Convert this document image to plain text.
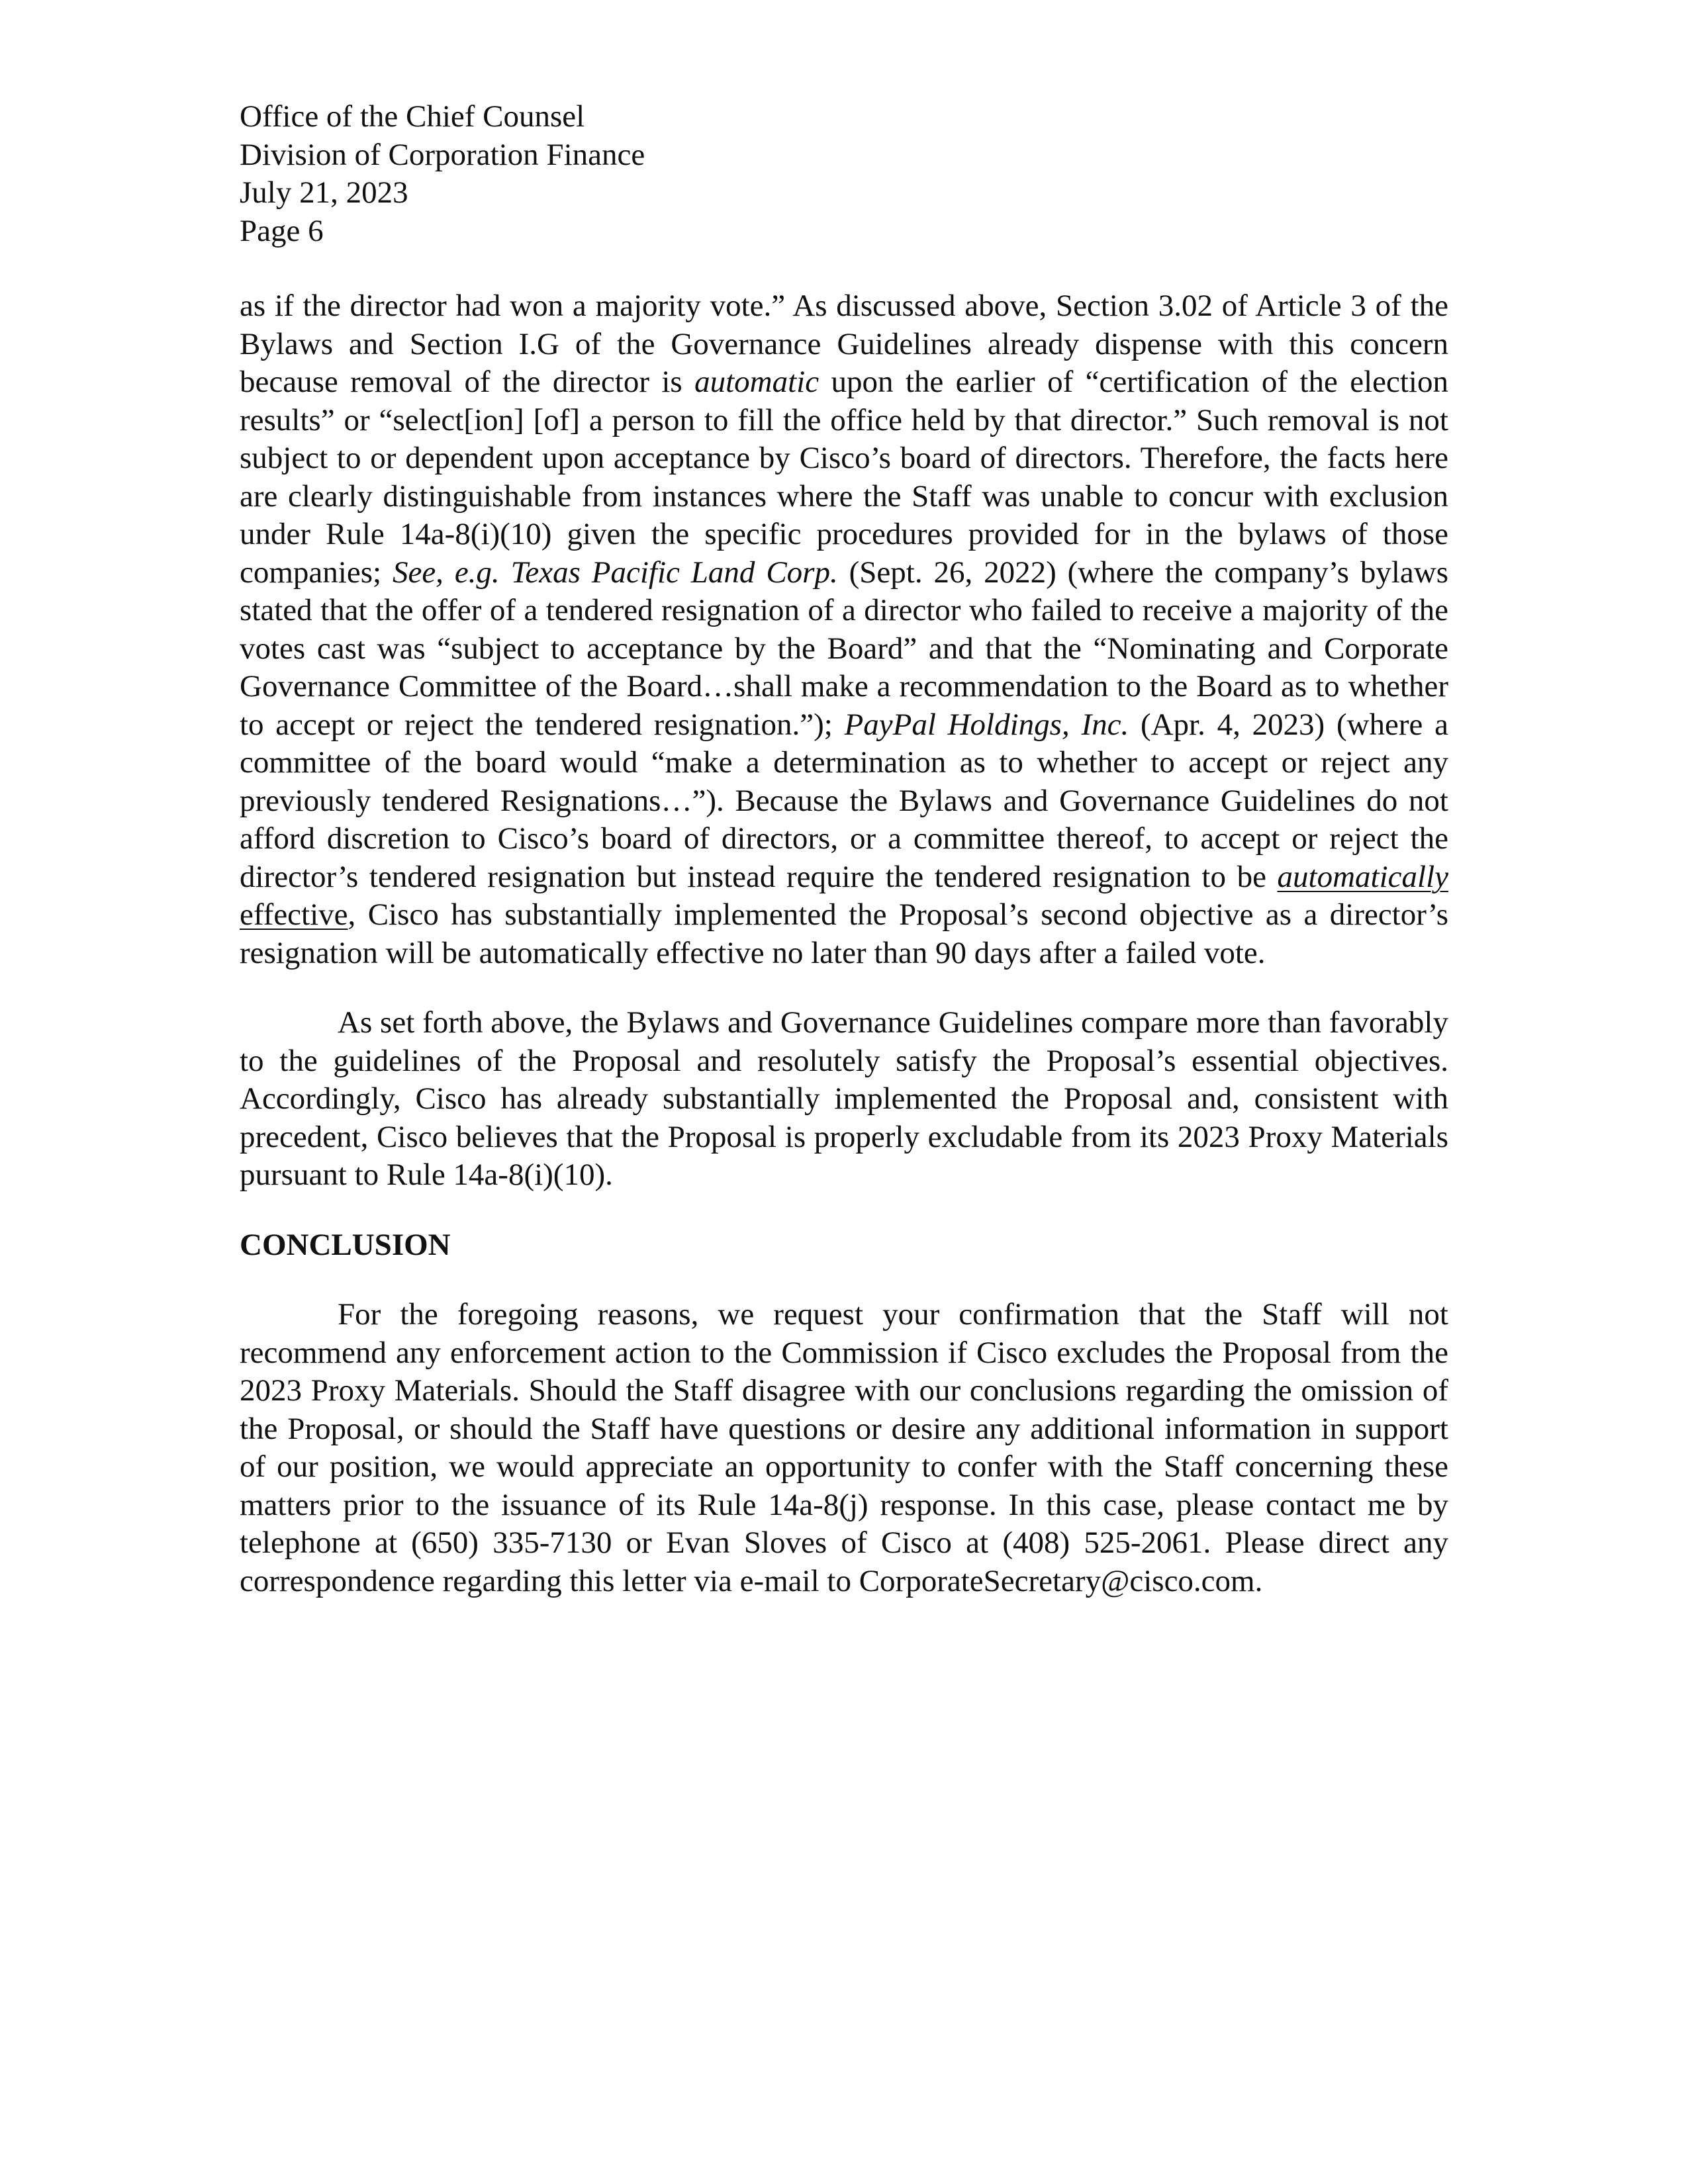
Office of the Chief Counsel

Division of Corporation Finance

July 21, 2023

Page 6

as if the director had won a majority vote.” As discussed above, Section 3.02 of Article 3 of the Bylaws and Section I.G of the Governance Guidelines already dispense with this concern because removal of the director is automatic upon the earlier of “certification of the election results” or “select[ion] [of] a person to fill the office held by that director.” Such removal is not subject to or dependent upon acceptance by Cisco’s board of directors. Therefore, the facts here are clearly distinguishable from instances where the Staff was unable to concur with exclusion under Rule 14a-8(i)(10) given the specific procedures provided for in the bylaws of those companies; See, e.g. Texas Pacific Land Corp. (Sept. 26, 2022) (where the company’s bylaws stated that the offer of a tendered resignation of a director who failed to receive a majority of the votes cast was “subject to acceptance by the Board” and that the “Nominating and Corporate Governance Committee of the Board…shall make a recommendation to the Board as to whether to accept or reject the tendered resignation.”); PayPal Holdings, Inc. (Apr. 4, 2023) (where a committee of the board would “make a determination as to whether to accept or reject any previously tendered Resignations…”). Because the Bylaws and Governance Guidelines do not afford discretion to Cisco’s board of directors, or a committee thereof, to accept or reject the director’s tendered resignation but instead require the tendered resignation to be automatically effective, Cisco has substantially implemented the Proposal’s second objective as a director’s resignation will be automatically effective no later than 90 days after a failed vote.

As set forth above, the Bylaws and Governance Guidelines compare more than favorably to the guidelines of the Proposal and resolutely satisfy the Proposal’s essential objectives. Accordingly, Cisco has already substantially implemented the Proposal and, consistent with precedent, Cisco believes that the Proposal is properly excludable from its 2023 Proxy Materials pursuant to Rule 14a-8(i)(10).

CONCLUSION

For the foregoing reasons, we request your confirmation that the Staff will not recommend any enforcement action to the Commission if Cisco excludes the Proposal from the 2023 Proxy Materials. Should the Staff disagree with our conclusions regarding the omission of the Proposal, or should the Staff have questions or desire any additional information in support of our position, we would appreciate an opportunity to confer with the Staff concerning these matters prior to the issuance of its Rule 14a-8(j) response. In this case, please contact me by telephone at (650) 335-7130 or Evan Sloves of Cisco at (408) 525-2061. Please direct any correspondence regarding this letter via e-mail to CorporateSecretary@cisco.com.
